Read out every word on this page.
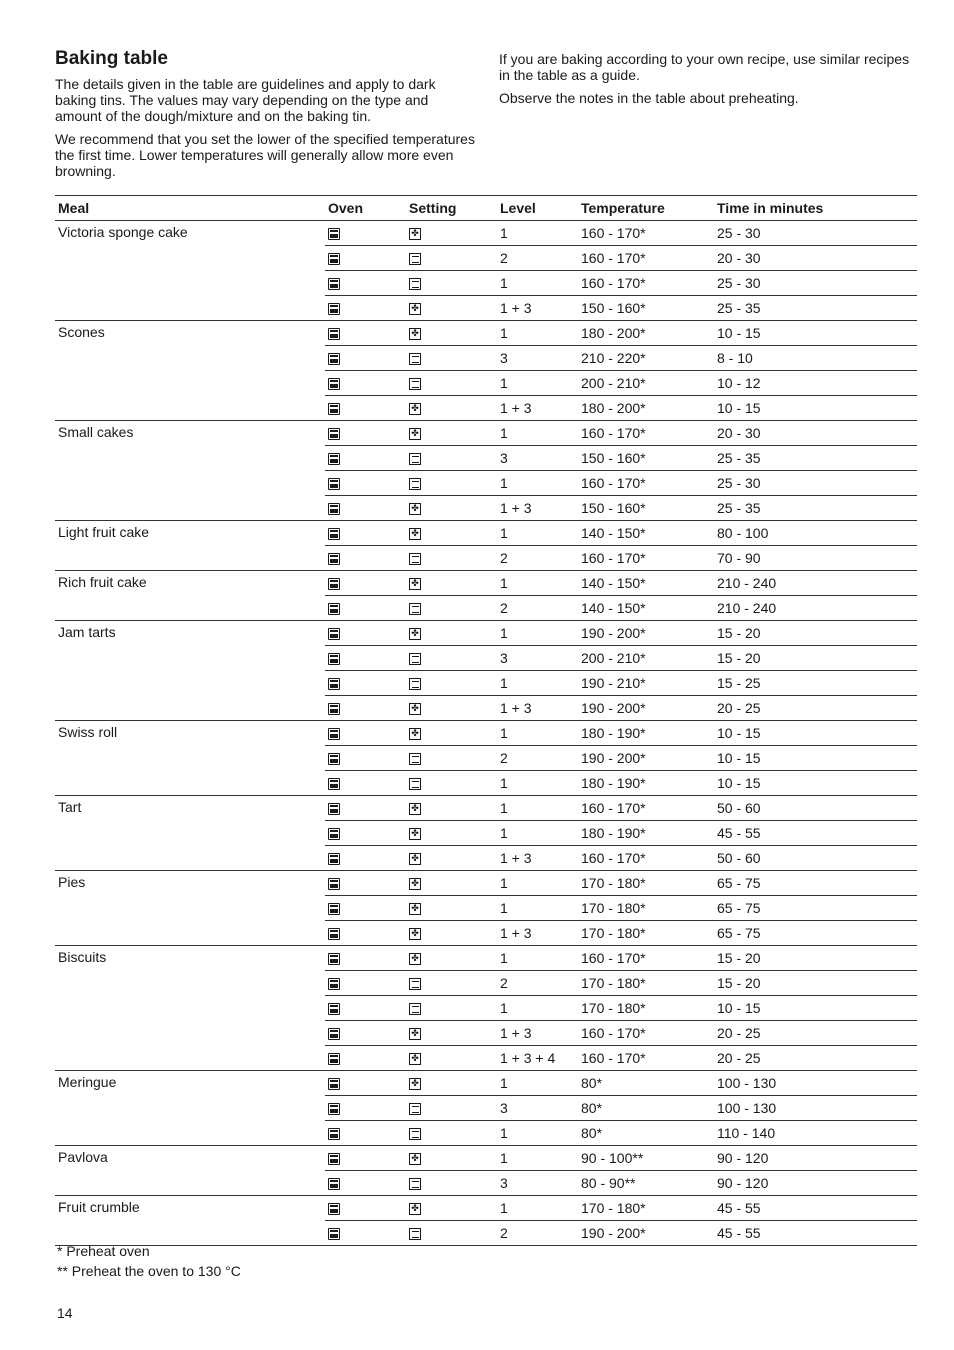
Baking table

The details given in the table are guidelines and apply to dark baking tins. The values may vary depending on the type and amount of the dough/mixture and on the baking tin.

We recommend that you set the lower of the specified temperatures the first time. Lower temperatures will generally allow more even browning.

If you are baking according to your own recipe, use similar recipes in the table as a guide.

Observe the notes in the table about preheating.

Meal	Oven	Setting	Level	Temperature	Time in minutes
Victoria sponge cake		✤	1	160 - 170*	25 - 30
			2	160 - 170*	20 - 30
			1	160 - 170*	25 - 30

		✤	1 + 3	150 - 160*	25 - 35
Scones		✤	1	180 - 200*	10 - 15
			3	210 - 220*	8 - 10
			1	200 - 210*	10 - 12

		✤	1 + 3	180 - 200*	10 - 15
Small cakes		✤	1	160 - 170*	20 - 30
			3	150 - 160*	25 - 35
			1	160 - 170*	25 - 30

		✤	1 + 3	150 - 160*	25 - 35
Light fruit cake		✤	1	140 - 150*	80 - 100
			2	160 - 170*	70 - 90
Rich fruit cake		✤	1	140 - 150*	210 - 240
			2	140 - 150*	210 - 240
Jam tarts		✤	1	190 - 200*	15 - 20
			3	200 - 210*	15 - 20
			1	190 - 210*	15 - 25

		✤	1 + 3	190 - 200*	20 - 25
Swiss roll		✤	1	180 - 190*	10 - 15
			2	190 - 200*	10 - 15
			1	180 - 190*	10 - 15
Tart		✤	1	160 - 170*	50 - 60

		✤	1	180 - 190*	45 - 55

		✤	1 + 3	160 - 170*	50 - 60
Pies		✤	1	170 - 180*	65 - 75

		✤	1	170 - 180*	65 - 75

		✤	1 + 3	170 - 180*	65 - 75
Biscuits		✤	1	160 - 170*	15 - 20
			2	170 - 180*	15 - 20
			1	170 - 180*	10 - 15

		✤	1 + 3	160 - 170*	20 - 25

		✤	1 + 3 + 4	160 - 170*	20 - 25
Meringue		✤	1	80*	100 - 130
			3	80*	100 - 130
			1	80*	110 - 140
Pavlova		✤	1	90 - 100**	90 - 120
			3	80 - 90**	90 - 120
Fruit crumble		✤	1	170 - 180*	45 - 55
			2	190 - 200*	45 - 55
* Preheat oven
** Preheat the oven to 130 °C
14
